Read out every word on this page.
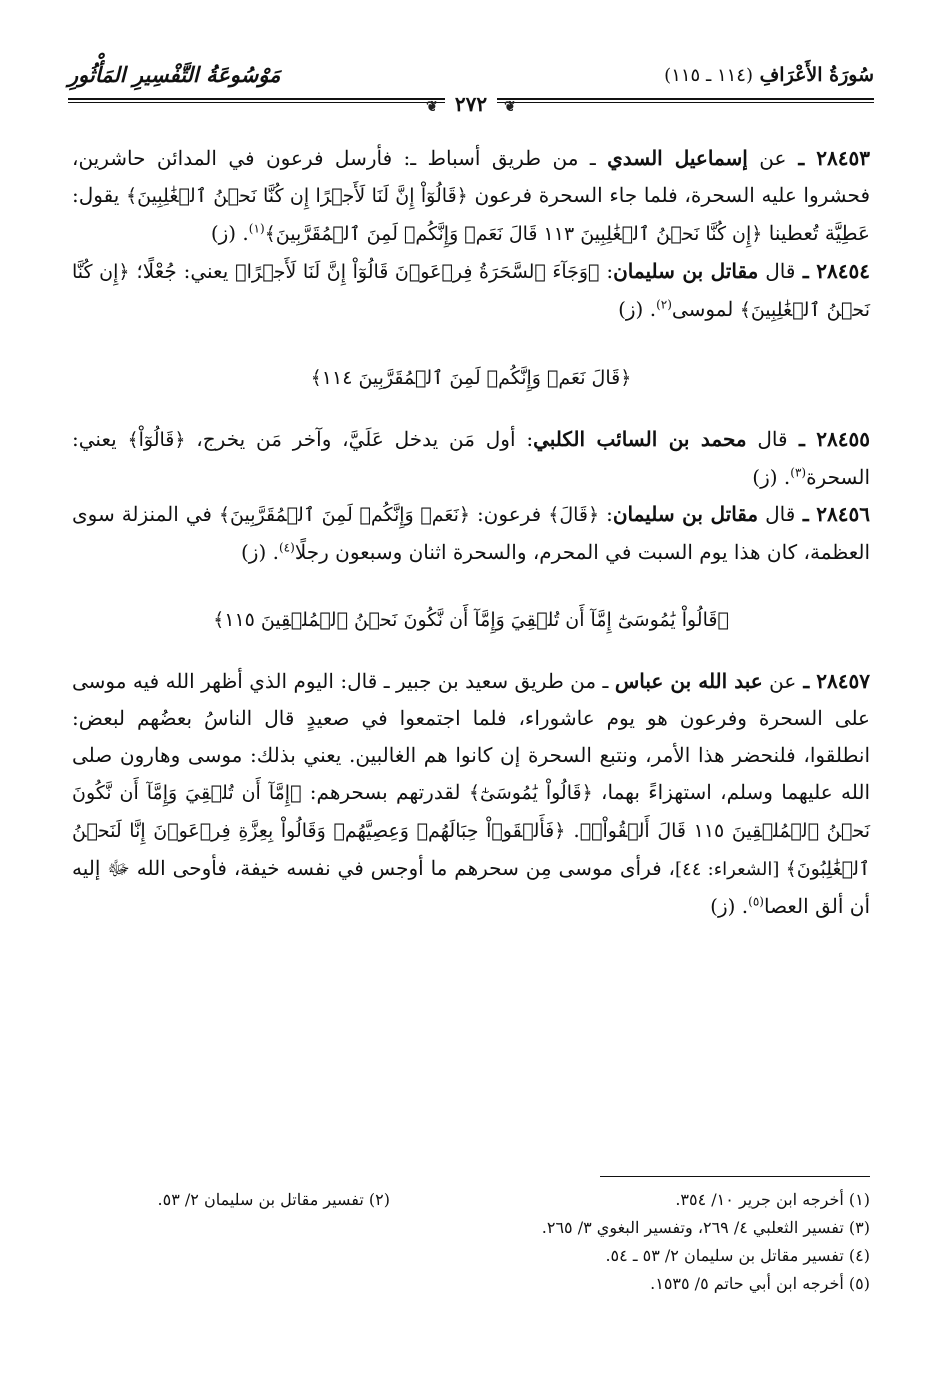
سُورَةُ الأَعْرَافِ (١١٤ ـ ١١٥)
مَوْسُوعَةُ التَّفْسِيرِ المَأْثُورِ
❦ ٢٧٢ ❦

٢٨٤٥٣ ـ عن إسماعيل السدي ـ من طريق أسباط ـ: فأرسل فرعون في المدائن حاشرين، فحشروا عليه السحرة، فلما جاء السحرة فرعون ﴿قَالُوٓاْ إِنَّ لَنَا لَأَجۡرًا إِن كُنَّا نَحۡنُ ٱلۡغَٰلِبِينَ﴾ يقول: عَطِيَّة تُعطينا ﴿إِن كُنَّا نَحۡنُ ٱلۡغَٰلِبِينَ ١١٣ قَالَ نَعَمۡ وَإِنَّكُمۡ لَمِنَ ٱلۡمُقَرَّبِينَ﴾$^{(١)}$. (ز)

٢٨٤٥٤ ـ قال مقاتل بن سليمان: ﴿وَجَآءَ ٱلسَّحَرَةُ فِرۡعَوۡنَ قَالُوٓاْ إِنَّ لَنَا لَأَجۡرًا﴾ يعني: جُعْلًا؛ ﴿إِن كُنَّا نَحۡنُ ٱلۡغَٰلِبِينَ﴾ لموسى$^{(٢)}$. (ز)

﴿قَالَ نَعَمۡ وَإِنَّكُمۡ لَمِنَ ٱلۡمُقَرَّبِينَ ١١٤﴾

٢٨٤٥٥ ـ قال محمد بن السائب الكلبي: أول مَن يدخل عَلَيَّ، وآخر مَن يخرج، ﴿قَالُوٓاْ﴾ يعني: السحرة$^{(٣)}$. (ز)

٢٨٤٥٦ ـ قال مقاتل بن سليمان: ﴿قَالَ﴾ فرعون: ﴿نَعَمۡ وَإِنَّكُمۡ لَمِنَ ٱلۡمُقَرَّبِينَ﴾ في المنزلة سوى العظمة، كان هذا يوم السبت في المحرم، والسحرة اثنان وسبعون رجلًا$^{(٤)}$. (ز)

﴿قَالُواْ يَٰمُوسَىٰٓ إِمَّآ أَن تُلۡقِيَ وَإِمَّآ أَن نَّكُونَ نَحۡنُ ٱلۡمُلۡقِينَ ١١٥﴾

٢٨٤٥٧ ـ عن عبد الله بن عباس ـ من طريق سعيد بن جبير ـ قال: اليوم الذي أظهر الله فيه موسى على السحرة وفرعون هو يوم عاشوراء، فلما اجتمعوا في صعيدٍ قال الناسُ بعضُهم لبعض: انطلقوا، فلنحضر هذا الأمر، ونتبع السحرة إن كانوا هم الغالبين. يعني بذلك: موسى وهارون صلى الله عليهما وسلم، استهزاءً بهما، ﴿قَالُواْ يَٰمُوسَىٰٓ﴾ لقدرتهم بسحرهم: ﴿إِمَّآ أَن تُلۡقِيَ وَإِمَّآ أَن نَّكُونَ نَحۡنُ ٱلۡمُلۡقِينَ ١١٥ قَالَ أَلۡقُواْۖ﴾. ﴿فَأَلۡقَوۡاْ حِبَالَهُمۡ وَعِصِيَّهُمۡ وَقَالُواْ بِعِزَّةِ فِرۡعَوۡنَ إِنَّا لَنَحۡنُ ٱلۡغَٰلِبُونَ﴾ [الشعراء: ٤٤]، فرأى موسى مِن سحرهم ما أوجس في نفسه خيفة، فأوحى الله ﷻ إليه أن ألق العصا$^{(٥)}$. (ز)

(١) أخرجه ابن جرير ١٠/ ٣٥٤.
(٢) تفسير مقاتل بن سليمان ٢/ ٥٣.
(٣) تفسير الثعلبي ٤/ ٢٦٩، وتفسير البغوي ٣/ ٢٦٥.
(٤) تفسير مقاتل بن سليمان ٢/ ٥٣ ـ ٥٤.
(٥) أخرجه ابن أبي حاتم ٥/ ١٥٣٥.
